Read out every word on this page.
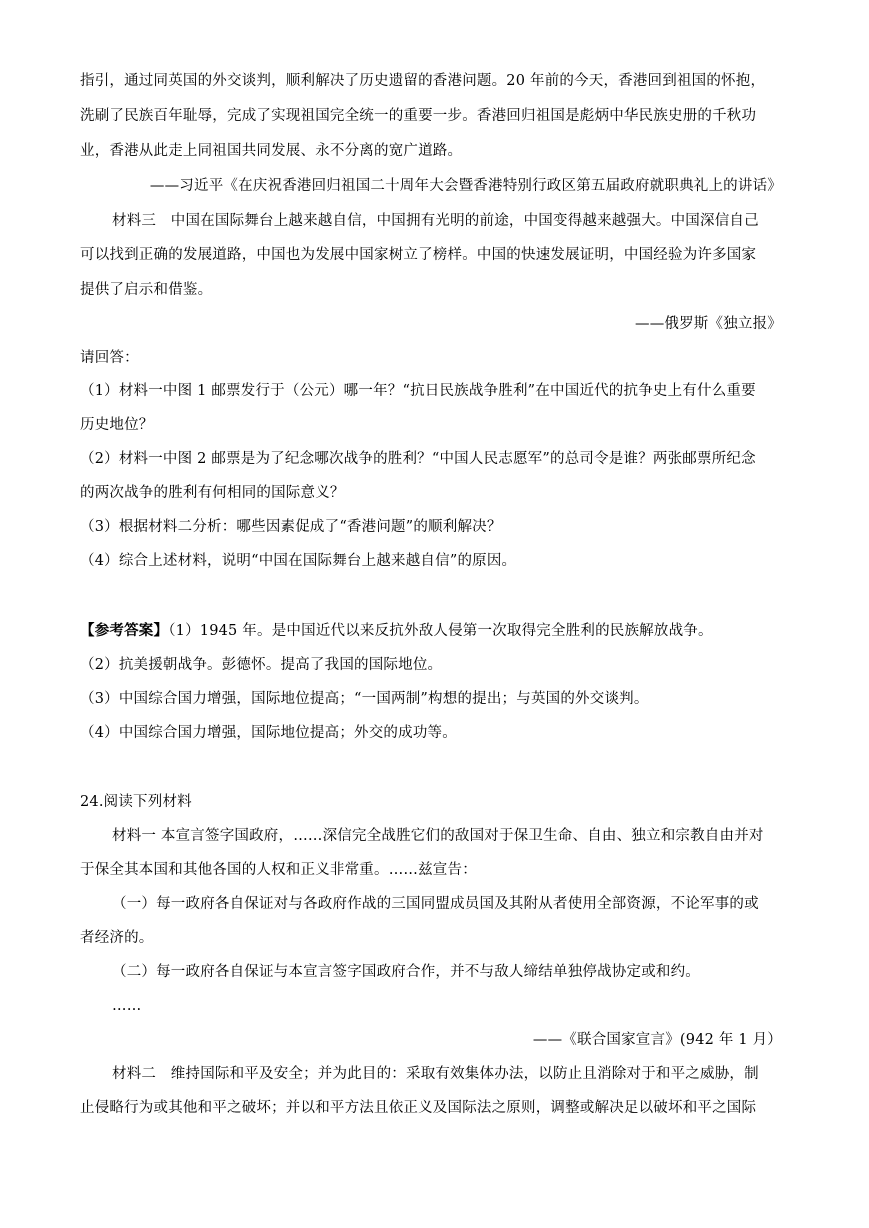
指引，通过同英国的外交谈判，顺利解决了历史遗留的香港问题。20 年前的今天，香港回到祖国的怀抱，
洗刷了民族百年耻辱，完成了实现祖国完全统一的重要一步。香港回归祖国是彪炳中华民族史册的千秋功
业，香港从此走上同祖国共同发展、永不分离的宽广道路。
——习近平《在庆祝香港回归祖国二十周年大会暨香港特别行政区第五届政府就职典礼上的讲话》
材料三　中国在国际舞台上越来越自信，中国拥有光明的前途，中国变得越来越强大。中国深信自己
可以找到正确的发展道路，中国也为发展中国家树立了榜样。中国的快速发展证明，中国经验为许多国家
提供了启示和借鉴。
——俄罗斯《独立报》
请回答：
（1）材料一中图 1 邮票发行于（公元）哪一年？“抗日民族战争胜利”在中国近代的抗争史上有什么重要
历史地位？
（2）材料一中图 2 邮票是为了纪念哪次战争的胜利？“中国人民志愿军”的总司令是谁？两张邮票所纪念
的两次战争的胜利有何相同的国际意义？
（3）根据材料二分析：哪些因素促成了“香港问题”的顺利解决？
（4）综合上述材料，说明“中国在国际舞台上越来越自信”的原因。
【参考答案】（1）1945 年。是中国近代以来反抗外敌人侵第一次取得完全胜利的民族解放战争。
（2）抗美援朝战争。彭德怀。提高了我国的国际地位。
（3）中国综合国力增强，国际地位提高；“一国两制”构想的提出；与英国的外交谈判。
（4）中国综合国力增强，国际地位提高；外交的成功等。
24.阅读下列材料
材料一 本宣言签字国政府，……深信完全战胜它们的敌国对于保卫生命、自由、独立和宗教自由并对
于保全其本国和其他各国的人权和正义非常重。……兹宣告：
（一）每一政府各自保证对与各政府作战的三国同盟成员国及其附从者使用全部资源，不论军事的或
者经济的。
（二）每一政府各自保证与本宣言签字国政府合作，并不与敌人缔结单独停战协定或和约。
……
——《联合国家宣言》(942 年 1 月）
材料二　维持国际和平及安全；并为此目的：采取有效集体办法，以防止且消除对于和平之威胁，制
止侵略行为或其他和平之破坏；并以和平方法且依正义及国际法之原则，调整或解决足以破坏和平之国际
